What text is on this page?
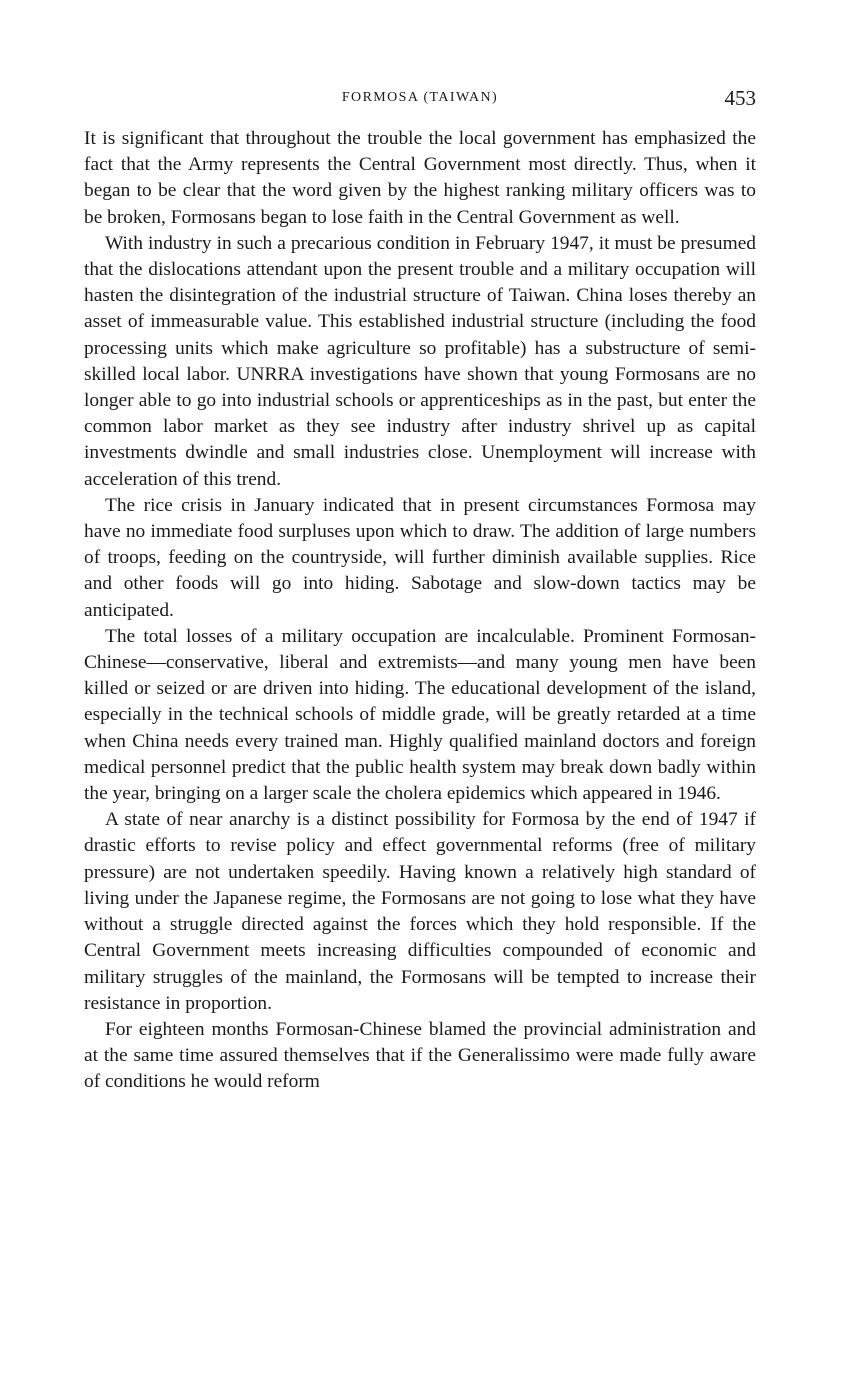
FORMOSA (TAIWAN)	453

It is significant that throughout the trouble the local government has emphasized the fact that the Army represents the Central Government most directly. Thus, when it began to be clear that the word given by the highest ranking military officers was to be broken, Formosans began to lose faith in the Central Government as well.

With industry in such a precarious condition in February 1947, it must be presumed that the dislocations attendant upon the present trouble and a military occupation will hasten the disintegration of the industrial structure of Taiwan. China loses thereby an asset of immeasurable value. This established industrial structure (including the food processing units which make agriculture so profitable) has a substructure of semi-skilled local labor. UNRRA investigations have shown that young Formosans are no longer able to go into industrial schools or apprenticeships as in the past, but enter the common labor market as they see industry after industry shrivel up as capital investments dwindle and small industries close. Unemployment will increase with acceleration of this trend.

The rice crisis in January indicated that in present circumstances Formosa may have no immediate food surpluses upon which to draw. The addition of large numbers of troops, feeding on the countryside, will further diminish available supplies. Rice and other foods will go into hiding. Sabotage and slow-down tactics may be anticipated.

The total losses of a military occupation are incalculable. Prominent Formosan-Chinese—conservative, liberal and extremists—and many young men have been killed or seized or are driven into hiding. The educational development of the island, especially in the technical schools of middle grade, will be greatly retarded at a time when China needs every trained man. Highly qualified mainland doctors and foreign medical personnel predict that the public health system may break down badly within the year, bringing on a larger scale the cholera epidemics which appeared in 1946.

A state of near anarchy is a distinct possibility for Formosa by the end of 1947 if drastic efforts to revise policy and effect governmental reforms (free of military pressure) are not undertaken speedily. Having known a relatively high standard of living under the Japanese regime, the Formosans are not going to lose what they have without a struggle directed against the forces which they hold responsible. If the Central Government meets increasing difficulties compounded of economic and military struggles of the mainland, the Formosans will be tempted to increase their resistance in proportion.

For eighteen months Formosan-Chinese blamed the provincial administration and at the same time assured themselves that if the Generalissimo were made fully aware of conditions he would reform
